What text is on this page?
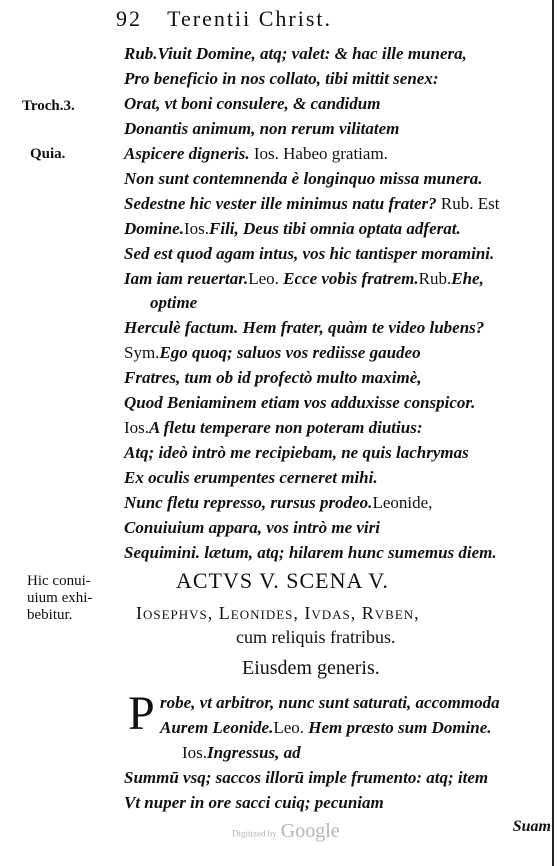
92 Terentii Christ.
Troch.3.
Quia.
Hic conui-
uium exhi-
bebitur.
Rub.Viuit Domine, atq; valet: & hac ille munera,
Pro beneficio in nos collato, tibi mittit senex:
Orat, vt boni consulere, & candidum
Donantis animum, non rerum vilitatem
Aspicere digneris. Ios. Habeo gratiam.
Non sunt contemnenda è longinquo missa munera.
Sedestne hic vester ille minimus natu frater? Rub. Est
Domine.Ios.Fili, Deus tibi omnia optata adferat.
Sed est quod agam intus, vos hic tantisper moramini.
Iam iam reuertar.Leo. Ecce vobis fratrem.Rub.Ehe,
optime
Herculè factum. Hem frater, quàm te video lubens?
Sym.Ego quoq; saluos vos rediisse gaudeo
Fratres, tum ob id profectò multo maximè,
Quod Beniaminem etiam vos adduxisse conspicor.
Ios.A fletu temperare non poteram diutius:
Atq; ideò intrò me recipiebam, ne quis lachrymas
Ex oculis erumpentes cerneret mihi.
Nunc fletu represso, rursus prodeo.Leonide,
Conuiuium appara, vos intrò me viri
Sequimini. lætum, atq; hilarem hunc sumemus diem.
ACTVS V. SCENA V.
Iosephvs, Leonides, Ivdas, Rvben,
cum reliquis fratribus.
Eiusdem generis.
P robe, vt arbitror, nunc sunt saturati, accommoda
Aurem Leonide.Leo. Hem præsto sum Domine.
Ios.Ingressus, ad
Summū vsq; saccos illorū imple frumento: atq; item
Vt nuper in ore sacci cuiq; pecuniam
Suam
Digitized by Google
